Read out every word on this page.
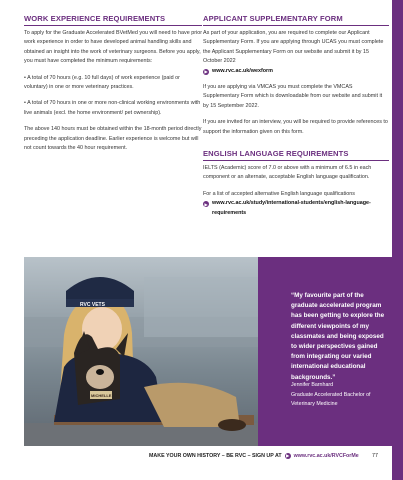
WORK EXPERIENCE REQUIREMENTS

To apply for the Graduate Accelerated BVetMed you will need to have prior work experience in order to have developed animal handling skills and obtained an insight into the work of veterinary surgeons. Before you apply, you must have completed the minimum requirements:

• A total of 70 hours (e.g. 10 full days) of work experience (paid or voluntary) in one or more veterinary practices.

• A total of 70 hours in one or more non-clinical working environments with live animals (excl. the home environment/ pet ownership).

The above 140 hours must be obtained within the 18-month period directly preceding the application deadline. Earlier experience is welcome but will not count towards the 40 hour requirement.

APPLICANT SUPPLEMENTARY FORM

As part of your application, you are required to complete our Applicant Supplementary Form. If you are applying through UCAS you must complete the Applicant Supplementary Form on our website and submit it by 15 October 2022

▶ www.rvc.ac.uk/wexform

If you are applying via VMCAS you must complete the VMCAS Supplementary Form which is downloadable from our website and submit it by 15 September 2022.

If you are invited for an interview, you will be required to provide references to support the information given on this form.

ENGLISH LANGUAGE REQUIREMENTS

IELTS (Academic) score of 7.0 or above with a minimum of 6.5 in each component or an alternate, acceptable English language qualification.

For a list of accepted alternative English language qualifications

▶ www.rvc.ac.uk/study/international-students/english-language-requirements
RVC VETS
MICHELLE

“My favourite part of the graduate accelerated program has been getting to explore the different viewpoints of my classmates and being exposed to wider perspectives gained from integrating our varied international educational backgrounds.”

Jennifer Barnhard

Graduate Accelerated Bachelor of Veterinary Medicine

MAKE YOUR OWN HISTORY – BE RVC – SIGN UP AT	▶ www.rvc.ac.uk/RVCForMe	77
